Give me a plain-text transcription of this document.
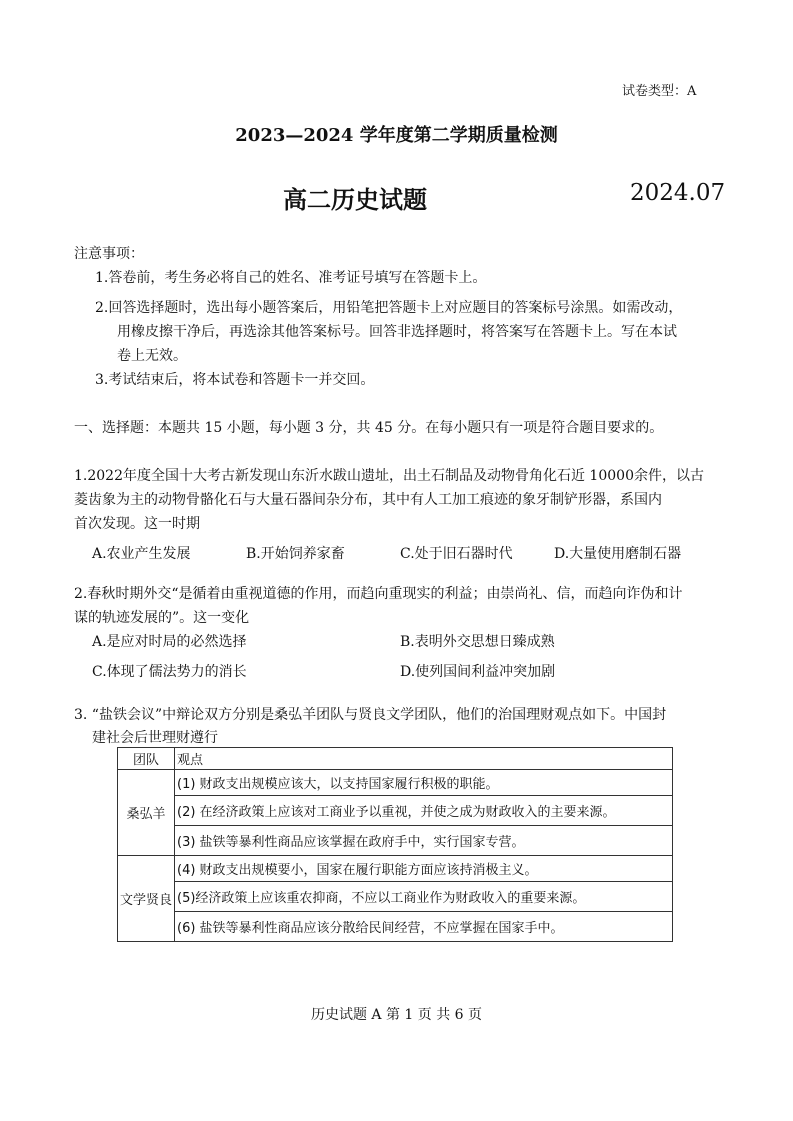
试卷类型：A
2023—2024 学年度第二学期质量检测
高二历史试题	2024.07
注意事项：
1.答卷前，考生务必将自己的姓名、准考证号填写在答题卡上。
2.回答选择题时，选出每小题答案后，用铅笔把答题卡上对应题目的答案标号涂黑。如需改动，
用橡皮擦干净后，再选涂其他答案标号。回答非选择题时，将答案写在答题卡上。写在本试
卷上无效。
3.考试结束后，将本试卷和答题卡一并交回。
一、选择题：本题共 15 小题，每小题 3 分，共 45 分。在每小题只有一项是符合题目要求的。
1.2022年度全国十大考古新发现山东沂水跋山遗址，出土石制品及动物骨角化石近 10000余件，以古
菱齿象为主的动物骨骼化石与大量石器间杂分布，其中有人工加工痕迹的象牙制铲形器，系国内
首次发现。这一时期
A.农业产生发展	B.开始饲养家畜	C.处于旧石器时代	D.大量使用磨制石器
2.春秋时期外交“是循着由重视道德的作用，而趋向重现实的利益；由崇尚礼、信，而趋向诈伪和计
谋的轨迹发展的”。这一变化
A.是应对时局的必然选择	B.表明外交思想日臻成熟
C.体现了儒法势力的消长	D.使列国间利益冲突加剧
3. “盐铁会议”中辩论双方分别是桑弘羊团队与贤良文学团队，他们的治国理财观点如下。中国封
建社会后世理财遵行
团队	观点
桑弘羊	(1) 财政支出规模应该大，以支持国家履行积极的职能。
	(2) 在经济政策上应该对工商业予以重视，并使之成为财政收入的主要来源。
	(3) 盐铁等暴利性商品应该掌握在政府手中，实行国家专营。
文学贤良	(4) 财政支出规模要小，国家在履行职能方面应该持消极主义。
	(5)经济政策上应该重农抑商，不应以工商业作为财政收入的重要来源。
	(6) 盐铁等暴利性商品应该分散给民间经营，不应掌握在国家手中。
历史试题 A 第 1 页 共 6 页
